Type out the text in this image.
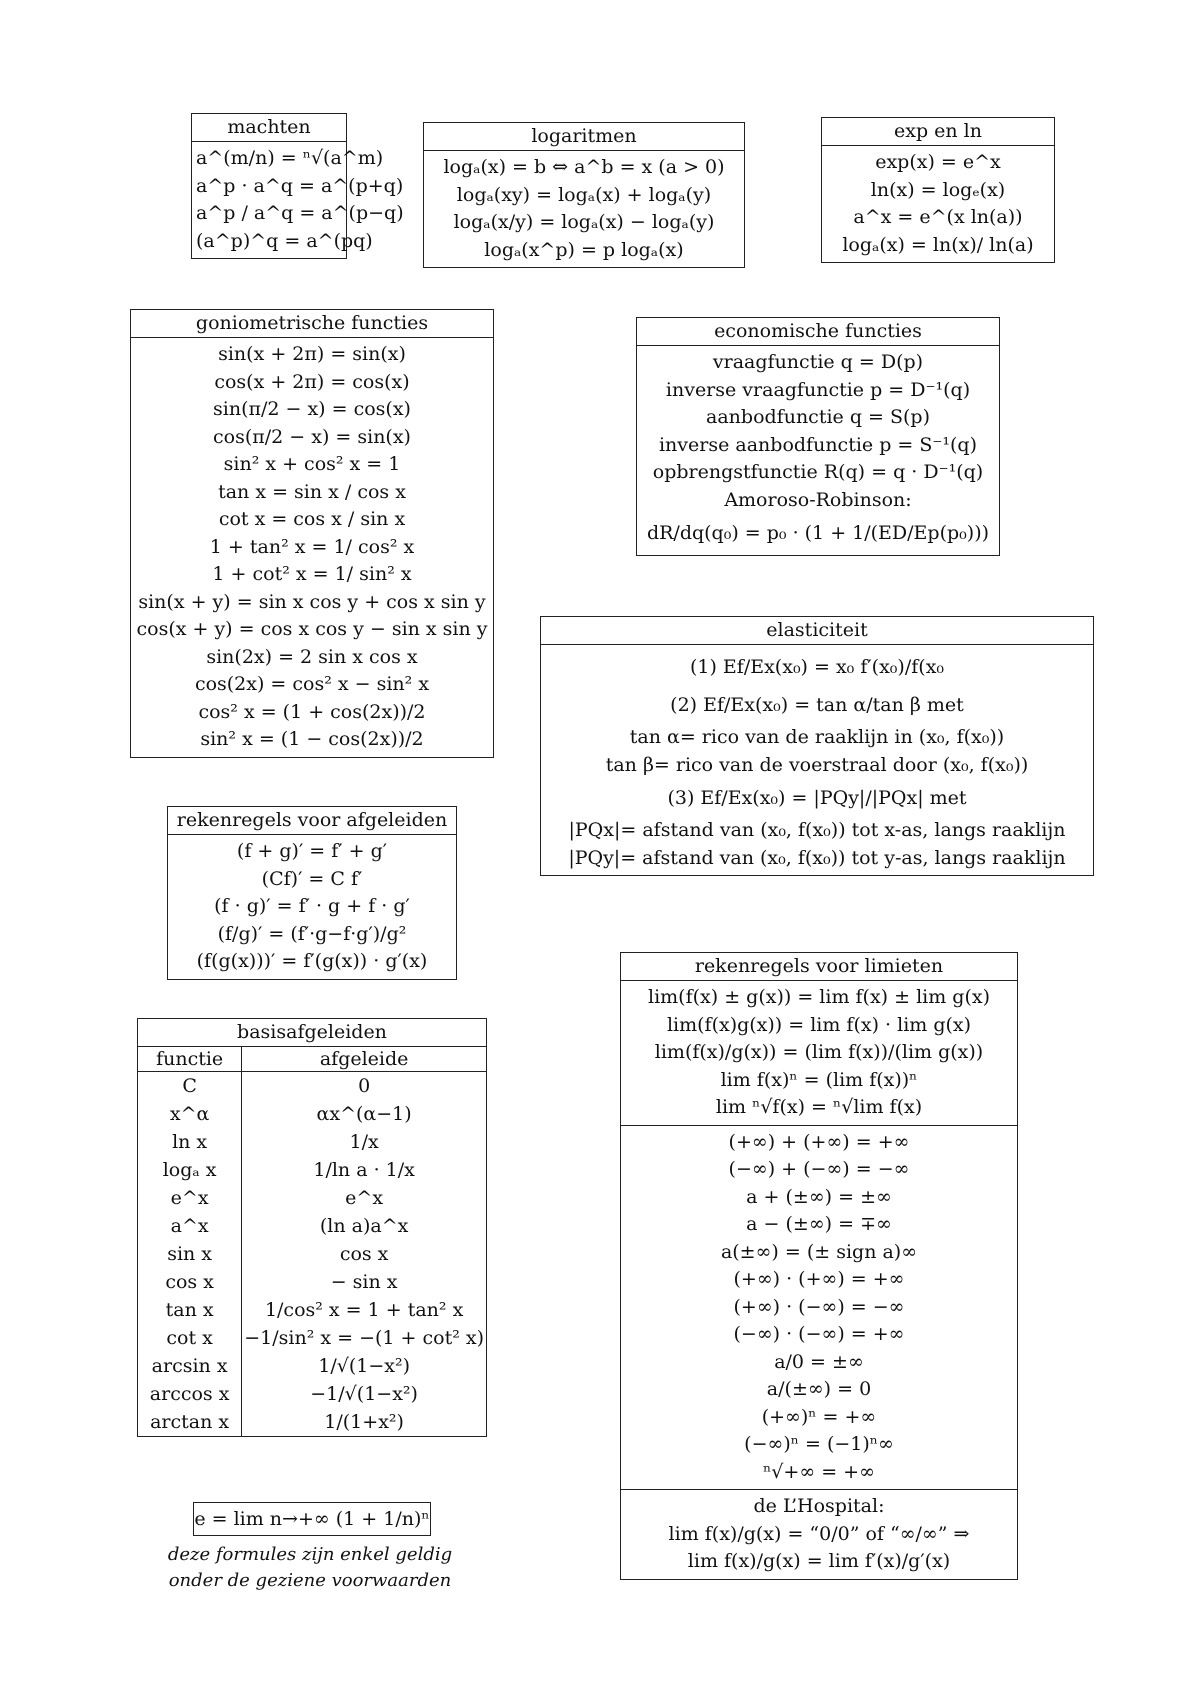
machten
a^(m/n) = ⁿ√(a^m)
a^p · a^q = a^(p+q)
a^p / a^q = a^(p−q)
(a^p)^q = a^(pq)
logaritmen
logₐ(x) = b ⇔ a^b = x (a > 0)
logₐ(xy) = logₐ(x) + logₐ(y)
logₐ(x/y) = logₐ(x) − logₐ(y)
logₐ(x^p) = p logₐ(x)
exp en ln
exp(x) = e^x
ln(x) = logₑ(x)
a^x = e^(x ln(a))
logₐ(x) = ln(x)/ ln(a)
goniometrische functies
sin(x + 2π) = sin(x)
cos(x + 2π) = cos(x)
sin(π/2 − x) = cos(x)
cos(π/2 − x) = sin(x)
sin² x + cos² x = 1
tan x = sin x / cos x
cot x = cos x / sin x
1 + tan² x = 1/ cos² x
1 + cot² x = 1/ sin² x
sin(x + y) = sin x cos y + cos x sin y
cos(x + y) = cos x cos y − sin x sin y
sin(2x) = 2 sin x cos x
cos(2x) = cos² x − sin² x
cos² x = (1 + cos(2x))/2
sin² x = (1 − cos(2x))/2
economische functies
vraagfunctie q = D(p)
inverse vraagfunctie p = D⁻¹(q)
aanbodfunctie q = S(p)
inverse aanbodfunctie p = S⁻¹(q)
opbrengstfunctie R(q) = q · D⁻¹(q)
Amoroso-Robinson:
dR/dq(q₀) = p₀ · (1 + 1/(ED/Ep(p₀)))
elasticiteit
(1) Ef/Ex(x₀) = x₀ f′(x₀)/f(x₀
(2) Ef/Ex(x₀) = tan α/tan β met
tan α= rico van de raaklijn in (x₀, f(x₀))
tan β= rico van de voerstraal door (x₀, f(x₀))
(3) Ef/Ex(x₀) = |PQy|/|PQx| met
|PQx|= afstand van (x₀, f(x₀)) tot x-as, langs raaklijn
|PQy|= afstand van (x₀, f(x₀)) tot y-as, langs raaklijn
rekenregels voor afgeleiden
(f + g)′ = f′ + g′
(Cf)′ = C f′
(f · g)′ = f′ · g + f · g′
(f/g)′ = (f′·g−f·g′)/g²
(f(g(x)))′ = f′(g(x)) · g′(x)
basisafgeleiden
functie	afgeleide
C	0
x^α	αx^(α−1)
ln x	1/x
logₐ x	1/ln a · 1/x
e^x	e^x
a^x	(ln a)a^x
sin x	cos x
cos x	− sin x
tan x	1/cos² x = 1 + tan² x
cot x	−1/sin² x = −(1 + cot² x)
arcsin x	1/√(1−x²)
arccos x	−1/√(1−x²)
arctan x	1/(1+x²)
e = lim n→+∞ (1 + 1/n)ⁿ
deze formules zijn enkel geldig
onder de geziene voorwaarden
rekenregels voor limieten
lim(f(x) ± g(x)) = lim f(x) ± lim g(x)
lim(f(x)g(x)) = lim f(x) · lim g(x)
lim(f(x)/g(x)) = (lim f(x))/(lim g(x))
lim f(x)ⁿ = (lim f(x))ⁿ
lim ⁿ√f(x) = ⁿ√lim f(x)
(+∞) + (+∞) = +∞
(−∞) + (−∞) = −∞
a + (±∞) = ±∞
a − (±∞) = ∓∞
a(±∞) = (± sign a)∞
(+∞) · (+∞) = +∞
(+∞) · (−∞) = −∞
(−∞) · (−∞) = +∞
a/0 = ±∞
a/(±∞) = 0
(+∞)ⁿ = +∞
(−∞)ⁿ = (−1)ⁿ∞
ⁿ√+∞ = +∞
de L’Hospital:
lim f(x)/g(x) = “0/0” of “∞/∞” ⇒
lim f(x)/g(x) = lim f′(x)/g′(x)
